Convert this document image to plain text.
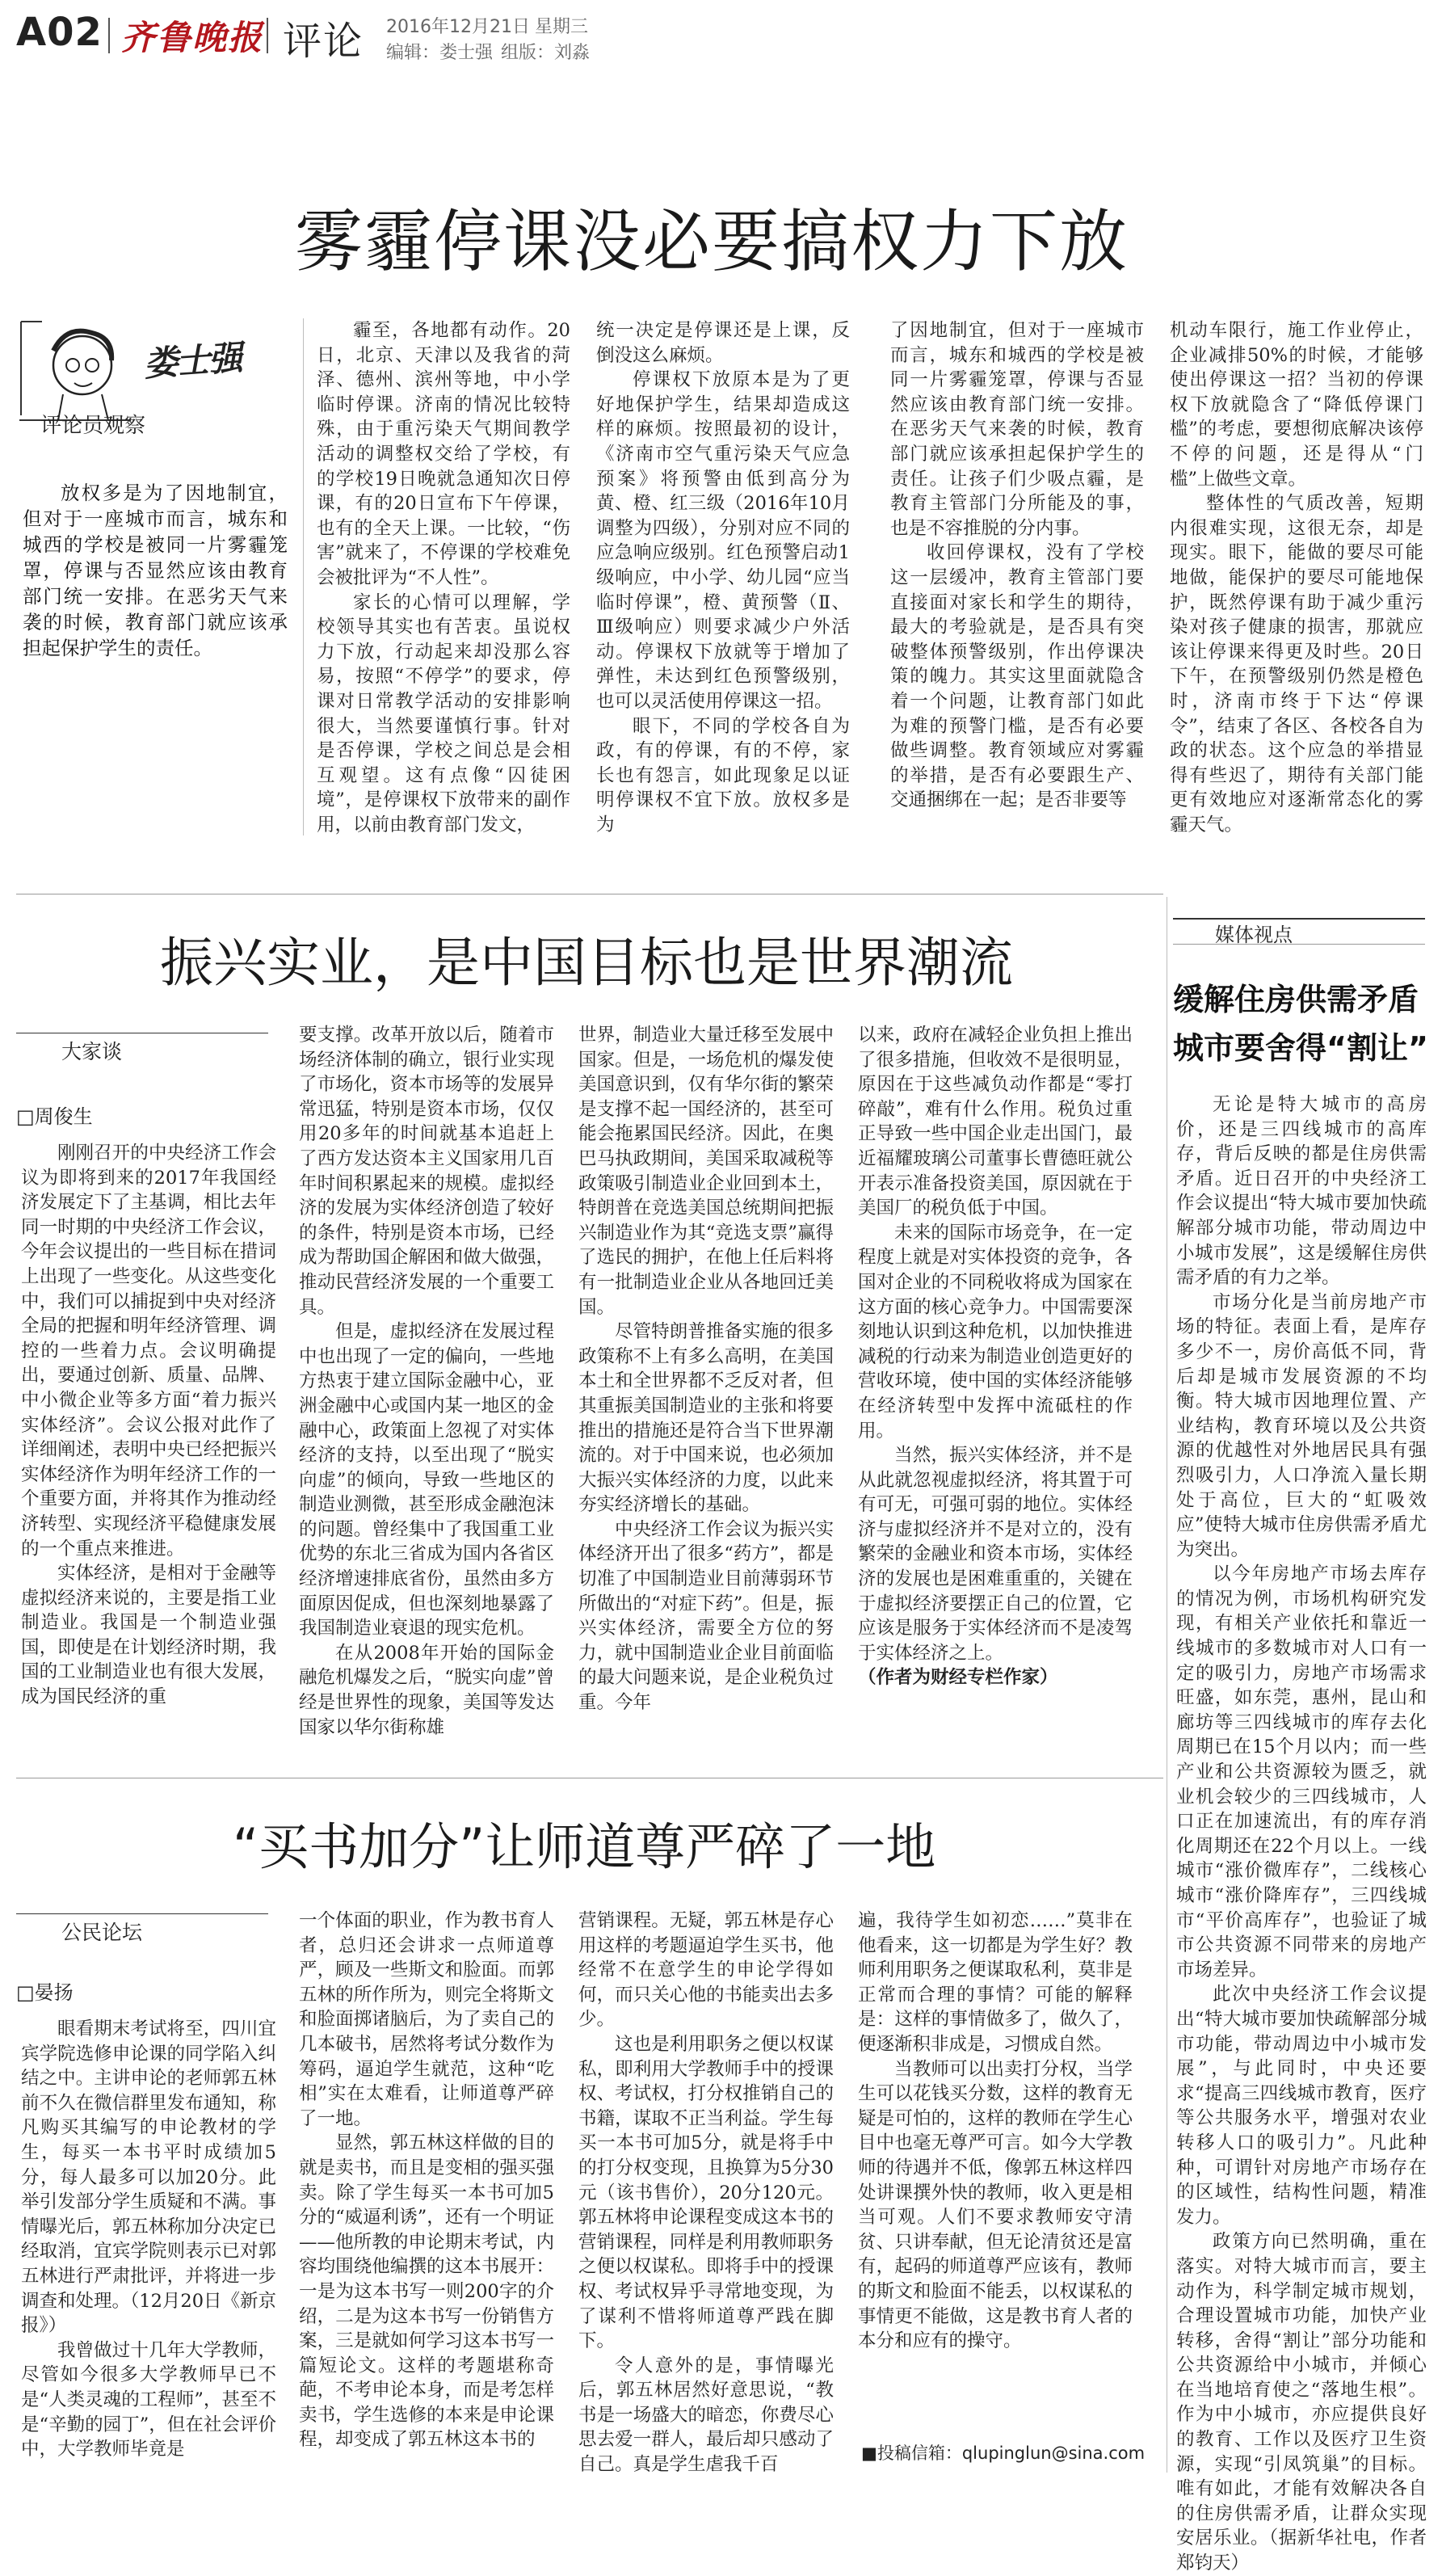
A02 齐鲁晚报 评论 2016年12月21日 星期三
编辑：娄士强 组版：刘淼
雾霾停课没必要搞权力下放
娄士强
评论员观察
放权多是为了因地制宜，但对于一座城市而言，城东和城西的学校是被同一片雾霾笼罩，停课与否显然应该由教育部门统一安排。在恶劣天气来袭的时候，教育部门就应该承担起保护学生的责任。

霾至，各地都有动作。20日，北京、天津以及我省的菏泽、德州、滨州等地，中小学临时停课。济南的情况比较特殊，由于重污染天气期间教学活动的调整权交给了学校，有的学校19日晚就急通知次日停课，有的20日宣布下午停课，也有的全天上课。一比较，“伤害”就来了，不停课的学校难免会被批评为“不人性”。

家长的心情可以理解，学校领导其实也有苦衷。虽说权力下放，行动起来却没那么容易，按照“不停学”的要求，停课对日常教学活动的安排影响很大，当然要谨慎行事。针对是否停课，学校之间总是会相互观望。这有点像“囚徒困境”，是停课权下放带来的副作用，以前由教育部门发文，

统一决定是停课还是上课，反倒没这么麻烦。

停课权下放原本是为了更好地保护学生，结果却造成这样的麻烦。按照最初的设计，《济南市空气重污染天气应急预案》将预警由低到高分为黄、橙、红三级（2016年10月调整为四级），分别对应不同的应急响应级别。红色预警启动1级响应，中小学、幼儿园“应当临时停课”，橙、黄预警（Ⅱ、Ⅲ级响应）则要求减少户外活动。停课权下放就等于增加了弹性，未达到红色预警级别，也可以灵活使用停课这一招。

眼下，不同的学校各自为政，有的停课，有的不停，家长也有怨言，如此现象足以证明停课权不宜下放。放权多是为

了因地制宜，但对于一座城市而言，城东和城西的学校是被同一片雾霾笼罩，停课与否显然应该由教育部门统一安排。在恶劣天气来袭的时候，教育部门就应该承担起保护学生的责任。让孩子们少吸点霾，是教育主管部门分所能及的事，也是不容推脱的分内事。

收回停课权，没有了学校这一层缓冲，教育主管部门要直接面对家长和学生的期待，最大的考验就是，是否具有突破整体预警级别，作出停课决策的魄力。其实这里面就隐含着一个问题，让教育部门如此为难的预警门槛，是否有必要做些调整。教育领域应对雾霾的举措，是否有必要跟生产、交通捆绑在一起；是否非要等

机动车限行，施工作业停止，企业减排50%的时候，才能够使出停课这一招？当初的停课权下放就隐含了“降低停课门槛”的考虑，要想彻底解决该停不停的问题，还是得从“门槛”上做些文章。

整体性的气质改善，短期内很难实现，这很无奈，却是现实。眼下，能做的要尽可能地做，能保护的要尽可能地保护，既然停课有助于减少重污染对孩子健康的损害，那就应该让停课来得更及时些。20日下午，在预警级别仍然是橙色时，济南市终于下达“停课令”，结束了各区、各校各自为政的状态。这个应急的举措显得有些迟了，期待有关部门能更有效地应对逐渐常态化的雾霾天气。

振兴实业，是中国目标也是世界潮流
大家谈
□周俊生

刚刚召开的中央经济工作会议为即将到来的2017年我国经济发展定下了主基调，相比去年同一时期的中央经济工作会议，今年会议提出的一些目标在措词上出现了一些变化。从这些变化中，我们可以捕捉到中央对经济全局的把握和明年经济管理、调控的一些着力点。会议明确提出，要通过创新、质量、品牌、中小微企业等多方面“着力振兴实体经济”。会议公报对此作了详细阐述，表明中央已经把振兴实体经济作为明年经济工作的一个重要方面，并将其作为推动经济转型、实现经济平稳健康发展的一个重点来推进。

实体经济，是相对于金融等虚拟经济来说的，主要是指工业制造业。我国是一个制造业强国，即使是在计划经济时期，我国的工业制造业也有很大发展，成为国民经济的重

要支撑。改革开放以后，随着市场经济体制的确立，银行业实现了市场化，资本市场等的发展异常迅猛，特别是资本市场，仅仅用20多年的时间就基本追赶上了西方发达资本主义国家用几百年时间积累起来的规模。虚拟经济的发展为实体经济创造了较好的条件，特别是资本市场，已经成为帮助国企解困和做大做强，推动民营经济发展的一个重要工具。

但是，虚拟经济在发展过程中也出现了一定的偏向，一些地方热衷于建立国际金融中心，亚洲金融中心或国内某一地区的金融中心，政策面上忽视了对实体经济的支持，以至出现了“脱实向虚”的倾向，导致一些地区的制造业测微，甚至形成金融泡沫的问题。曾经集中了我国重工业优势的东北三省成为国内各省区经济增速排底省份，虽然由多方面原因促成，但也深刻地暴露了我国制造业衰退的现实危机。

在从2008年开始的国际金融危机爆发之后，“脱实向虚”曾经是世界性的现象，美国等发达国家以华尔街称雄

世界，制造业大量迁移至发展中国家。但是，一场危机的爆发使美国意识到，仅有华尔街的繁荣是支撑不起一国经济的，甚至可能会拖累国民经济。因此，在奥巴马执政期间，美国采取减税等政策吸引制造业企业回到本土，特朗普在竞选美国总统期间把振兴制造业作为其“竞选支票”赢得了选民的拥护，在他上任后料将有一批制造业企业从各地回迁美国。

尽管特朗普推备实施的很多政策称不上有多么高明，在美国本土和全世界都不乏反对者，但其重振美国制造业的主张和将要推出的措施还是符合当下世界潮流的。对于中国来说，也必须加大振兴实体经济的力度，以此来夯实经济增长的基础。

中央经济工作会议为振兴实体经济开出了很多“药方”，都是切准了中国制造业目前薄弱环节所做出的“对症下药”。但是，振兴实体经济，需要全方位的努力，就中国制造业企业目前面临的最大问题来说，是企业税负过重。今年

以来，政府在减轻企业负担上推出了很多措施，但收效不是很明显，原因在于这些减负动作都是“零打碎敲”，难有什么作用。税负过重正导致一些中国企业走出国门，最近福耀玻璃公司董事长曹德旺就公开表示准备投资美国，原因就在于美国厂的税负低于中国。

未来的国际市场竞争，在一定程度上就是对实体投资的竞争，各国对企业的不同税收将成为国家在这方面的核心竞争力。中国需要深刻地认识到这种危机，以加快推进减税的行动来为制造业创造更好的营收环境，使中国的实体经济能够在经济转型中发挥中流砥柱的作用。

当然，振兴实体经济，并不是从此就忽视虚拟经济，将其置于可有可无，可强可弱的地位。实体经济与虚拟经济并不是对立的，没有繁荣的金融业和资本市场，实体经济的发展也是困难重重的，关键在于虚拟经济要摆正自己的位置，它应该是服务于实体经济而不是凌驾于实体经济之上。

（作者为财经专栏作家）

“买书加分”让师道尊严碎了一地
公民论坛
□晏扬

眼看期末考试将至，四川宜宾学院选修申论课的同学陷入纠结之中。主讲申论的老师郭五林前不久在微信群里发布通知，称凡购买其编写的申论教材的学生，每买一本书平时成绩加5分，每人最多可以加20分。此举引发部分学生质疑和不满。事情曝光后，郭五林称加分决定已经取消，宜宾学院则表示已对郭五林进行严肃批评，并将进一步调查和处理。（12月20日《新京报》）

我曾做过十几年大学教师，尽管如今很多大学教师早已不是“人类灵魂的工程师”，甚至不是“辛勤的园丁”，但在社会评价中，大学教师毕竟是

一个体面的职业，作为教书育人者，总归还会讲求一点师道尊严，顾及一些斯文和脸面。而郭五林的所作所为，则完全将斯文和脸面掷诸脑后，为了卖自己的几本破书，居然将考试分数作为筹码，逼迫学生就范，这种“吃相”实在太难看，让师道尊严碎了一地。

显然，郭五林这样做的目的就是卖书，而且是变相的强买强卖。除了学生每买一本书可加5分的“威逼利诱”，还有一个明证——他所教的申论期末考试，内容均围绕他编撰的这本书展开：一是为这本书写一则200字的介绍，二是为这本书写一份销售方案，三是就如何学习这本书写一篇短论文。这样的考题堪称奇葩，不考申论本身，而是考怎样卖书，学生选修的本来是申论课程，却变成了郭五林这本书的

营销课程。无疑，郭五林是存心用这样的考题逼迫学生买书，他经常不在意学生的申论学得如何，而只关心他的书能卖出去多少。

这也是利用职务之便以权谋私，即利用大学教师手中的授课权、考试权，打分权推销自己的书籍，谋取不正当利益。学生每买一本书可加5分，就是将手中的打分权变现，且换算为5分30元（该书售价），20分120元。郭五林将申论课程变成这本书的营销课程，同样是利用教师职务之便以权谋私。即将手中的授课权、考试权异乎寻常地变现，为了谋利不惜将师道尊严践在脚下。

令人意外的是，事情曝光后，郭五林居然好意思说，“教书是一场盛大的暗恋，你费尽心思去爱一群人，最后却只感动了自己。真是学生虐我千百

遍，我待学生如初恋……”莫非在他看来，这一切都是为学生好？教师利用职务之便谋取私利，莫非是正常而合理的事情？可能的解释是：这样的事情做多了，做久了，便逐渐积非成是，习惯成自然。

当教师可以出卖打分权，当学生可以花钱买分数，这样的教育无疑是可怕的，这样的教师在学生心目中也毫无尊严可言。如今大学教师的待遇并不低，像郭五林这样四处讲课撰外快的教师，收入更是相当可观。人们不要求教师安守清贫、只讲奉献，但无论清贫还是富有，起码的师道尊严应该有，教师的斯文和脸面不能丢，以权谋私的事情更不能做，这是教书育人者的本分和应有的操守。

■投稿信箱：qlupinglun@sina.com
媒体视点
缓解住房供需矛盾
城市要舍得“割让”

无论是特大城市的高房价，还是三四线城市的高库存，背后反映的都是住房供需矛盾。近日召开的中央经济工作会议提出“特大城市要加快疏解部分城市功能，带动周边中小城市发展”，这是缓解住房供需矛盾的有力之举。

市场分化是当前房地产市场的特征。表面上看，是库存多少不一，房价高低不同，背后却是城市发展资源的不均衡。特大城市因地理位置、产业结构，教育环境以及公共资源的优越性对外地居民具有强烈吸引力，人口净流入量长期处于高位，巨大的“虹吸效应”使特大城市住房供需矛盾尤为突出。

以今年房地产市场去库存的情况为例，市场机构研究发现，有相关产业依托和靠近一线城市的多数城市对人口有一定的吸引力，房地产市场需求旺盛，如东莞，惠州，昆山和廊坊等三四线城市的库存去化周期已在15个月以内；而一些产业和公共资源较为匮乏，就业机会较少的三四线城市，人口正在加速流出，有的库存消化周期还在22个月以上。一线城市“涨价微库存”，二线核心城市“涨价降库存”，三四线城市“平价高库存”，也验证了城市公共资源不同带来的房地产市场差异。

此次中央经济工作会议提出“特大城市要加快疏解部分城市功能，带动周边中小城市发展”，与此同时，中央还要求“提高三四线城市教育，医疗等公共服务水平，增强对农业转移人口的吸引力”。凡此种种，可谓针对房地产市场存在的区域性，结构性问题，精准发力。

政策方向已然明确，重在落实。对特大城市而言，要主动作为，科学制定城市规划，合理设置城市功能，加快产业转移，舍得“割让”部分功能和公共资源给中小城市，并倾心在当地培育使之“落地生根”。作为中小城市，亦应提供良好的教育、工作以及医疗卫生资源，实现“引凤筑巢”的目标。唯有如此，才能有效解决各自的住房供需矛盾，让群众实现安居乐业。（据新华社电，作者郑钧天）
